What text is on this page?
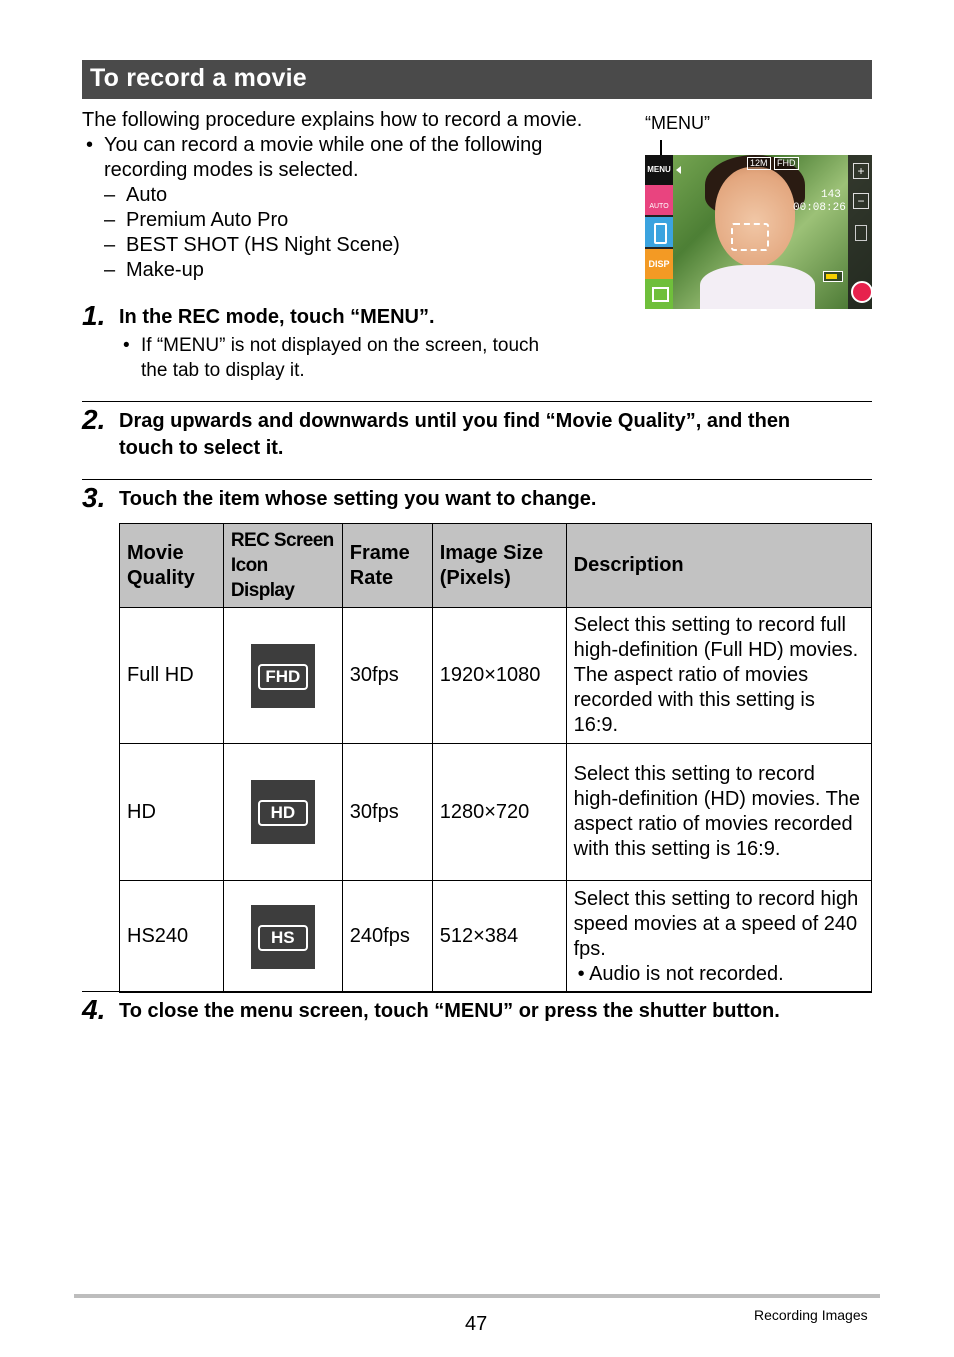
To record a movie
The following procedure explains how to record a movie.
• You can record a movie while one of the following
recording modes is selected.
– Auto
– Premium Auto Pro
– BEST SHOT (HS Night Scene)
– Make-up
“MENU”
MENU
AUTO
DISP
12M	FHD
143
00:08:26
+
−
1. In the REC mode, touch “MENU”.
• If “MENU” is not displayed on the screen, touch
the tab to display it.
2. Drag upwards and downwards until you find “Movie Quality”, and then
touch to select it.
3. Touch the item whose setting you want to change.
Movie Quality	REC Screen Icon Display	Frame Rate	Image Size (Pixels)	Description
Full HD	FHD	30fps	1920×1080	Select this setting to record full high-definition (Full HD) movies. The aspect ratio of movies recorded with this setting is 16:9.
HD	HD	30fps	1280×720	Select this setting to record high-definition (HD) movies. The aspect ratio of movies recorded with this setting is 16:9.
HS240	HS	240fps	512×384	Select this setting to record high speed movies at a speed of 240 fps.
• Audio is not recorded.
4. To close the menu screen, touch “MENU” or press the shutter button.
47	Recording Images
